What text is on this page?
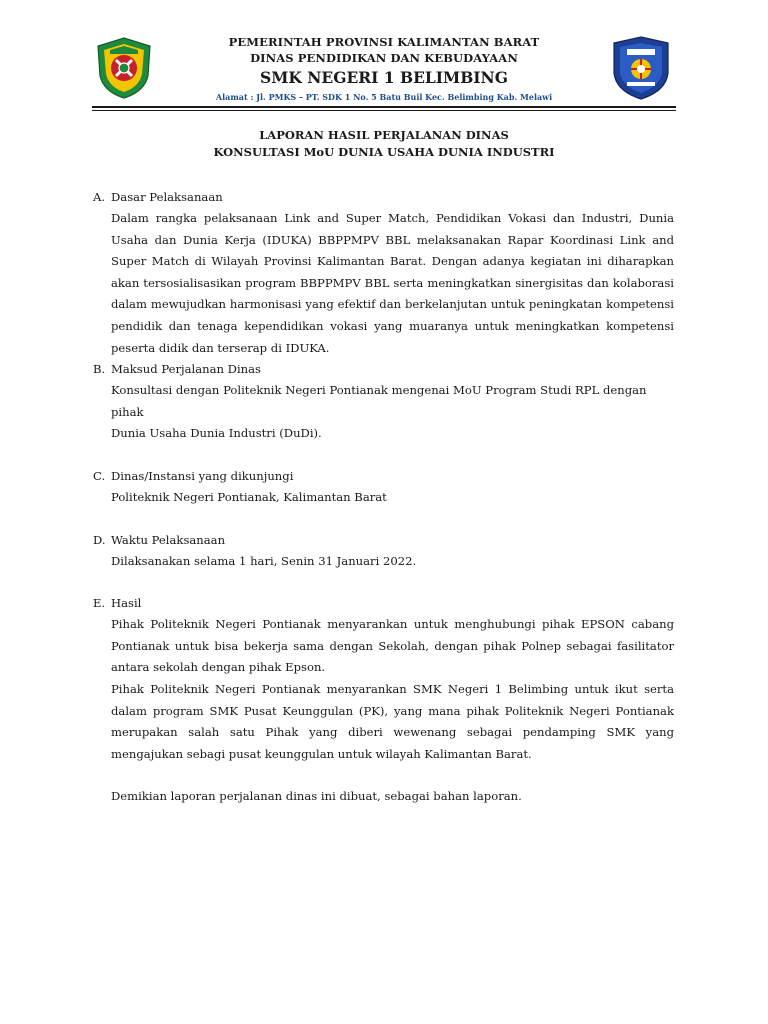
PEMERINTAH PROVINSI KALIMANTAN BARAT
DINAS PENDIDIKAN DAN KEBUDAYAAN
SMK NEGERI 1 BELIMBING
Alamat : Jl. PMKS – PT. SDK 1 No. 5 Batu Buil Kec. Belimbing Kab. Melawi
LAPORAN HASIL PERJALANAN DINAS
KONSULTASI MoU DUNIA USAHA DUNIA INDUSTRI
A. Dasar Pelaksanaan
Dalam rangka pelaksanaan Link and Super Match, Pendidikan Vokasi dan Industri, Dunia Usaha dan Dunia Kerja (IDUKA) BBPPMPV BBL melaksanakan Rapar Koordinasi Link and Super Match di Wilayah Provinsi Kalimantan Barat. Dengan adanya kegiatan ini diharapkan akan tersosialisasikan program BBPPMPV BBL serta meningkatkan sinergisitas dan kolaborasi dalam mewujudkan harmonisasi yang efektif dan berkelanjutan untuk peningkatan kompetensi pendidik dan tenaga kependidikan vokasi yang muaranya untuk meningkatkan kompetensi peserta didik dan terserap di IDUKA.
B. Maksud Perjalanan Dinas
Konsultasi dengan Politeknik Negeri Pontianak mengenai MoU Program Studi RPL dengan pihak
Dunia Usaha Dunia Industri (DuDi).
C. Dinas/Instansi yang dikunjungi
Politeknik Negeri Pontianak, Kalimantan Barat
D. Waktu Pelaksanaan
Dilaksanakan selama 1 hari, Senin 31 Januari 2022.
E. Hasil
Pihak Politeknik Negeri Pontianak menyarankan untuk menghubungi pihak EPSON cabang Pontianak untuk bisa bekerja sama dengan Sekolah, dengan pihak Polnep sebagai fasilitator antara sekolah dengan pihak Epson.
Pihak Politeknik Negeri Pontianak menyarankan SMK Negeri 1 Belimbing untuk ikut serta dalam program SMK Pusat Keunggulan (PK), yang mana pihak Politeknik Negeri Pontianak merupakan salah satu Pihak yang diberi wewenang sebagai pendamping SMK yang mengajukan sebagi pusat keunggulan untuk wilayah Kalimantan Barat.
Demikian laporan perjalanan dinas ini dibuat, sebagai bahan laporan.
